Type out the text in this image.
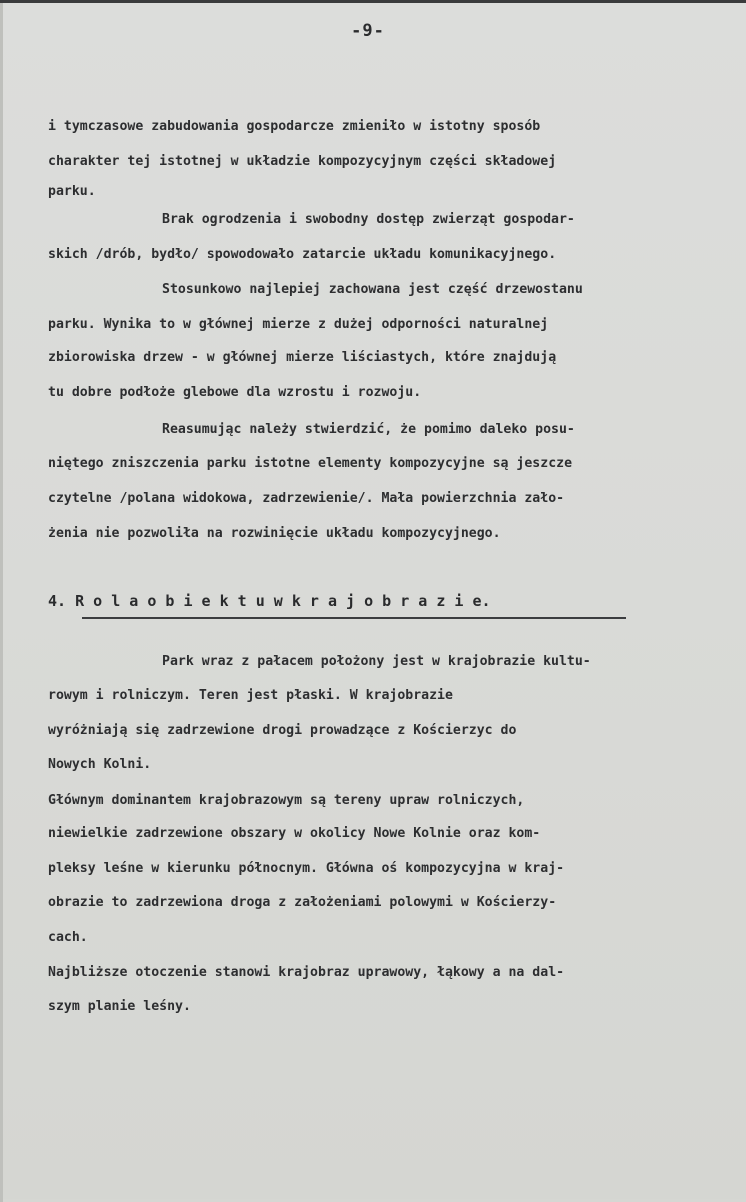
-9-
i tymczasowe zabudowania gospodarcze zmieniło w istotny sposób
charakter tej istotnej w układzie kompozycyjnym części składowej
parku.
Brak ogrodzenia i swobodny dostęp zwierząt gospodar-
skich /drób, bydło/ spowodowało zatarcie układu komunikacyjnego.
Stosunkowo najlepiej zachowana jest część drzewostanu
parku. Wynika to w głównej mierze z dużej odporności naturalnej
zbiorowiska drzew - w głównej mierze liściastych, które znajdują
tu dobre podłoże glebowe dla wzrostu i rozwoju.
Reasumując należy stwierdzić, że pomimo daleko posu-
niętego zniszczenia parku istotne elementy kompozycyjne są jeszcze
czytelne /polana widokowa, zadrzewienie/. Mała powierzchnia zało-
żenia nie pozwoliła na rozwinięcie układu kompozycyjnego.
4. R o l a o b i e k t u w k r a j o b r a z i e.
Park wraz z pałacem położony jest w krajobrazie kultu-
rowym i rolniczym. Teren jest płaski. W krajobrazie
wyróżniają się zadrzewione drogi prowadzące z Kościerzyc do
Nowych Kolni.
Głównym dominantem krajobrazowym są tereny upraw rolniczych,
niewielkie zadrzewione obszary w okolicy Nowe Kolnie oraz kom-
pleksy leśne w kierunku północnym. Główna oś kompozycyjna w kraj-
obrazie to zadrzewiona droga z założeniami polowymi w Kościerzy-
cach.
Najbliższe otoczenie stanowi krajobraz uprawowy, łąkowy a na dal-
szym planie leśny.
